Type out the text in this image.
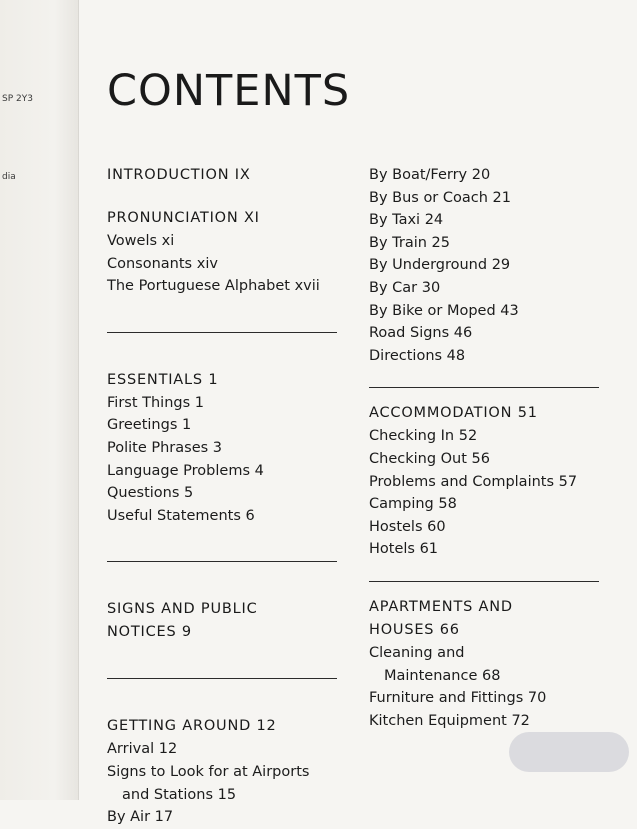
SP 2Y3
dia
CONTENTS
INTRODUCTION IX
PRONUNCIATION XI
Vowels xi
Consonants xiv
The Portuguese Alphabet xvii
ESSENTIALS 1
First Things 1
Greetings 1
Polite Phrases 3
Language Problems 4
Questions 5
Useful Statements 6
SIGNS AND PUBLIC
NOTICES 9
GETTING AROUND 12
Arrival 12
Signs to Look for at Airports

and Stations 15
By Air 17
By Boat/Ferry 20
By Bus or Coach 21
By Taxi 24
By Train 25
By Underground 29
By Car 30
By Bike or Moped 43
Road Signs 46
Directions 48
ACCOMMODATION 51
Checking In 52
Checking Out 56
Problems and Complaints 57
Camping 58
Hostels 60
Hotels 61
APARTMENTS AND
HOUSES 66
Cleaning and

Maintenance 68
Furniture and Fittings 70
Kitchen Equipment 72
